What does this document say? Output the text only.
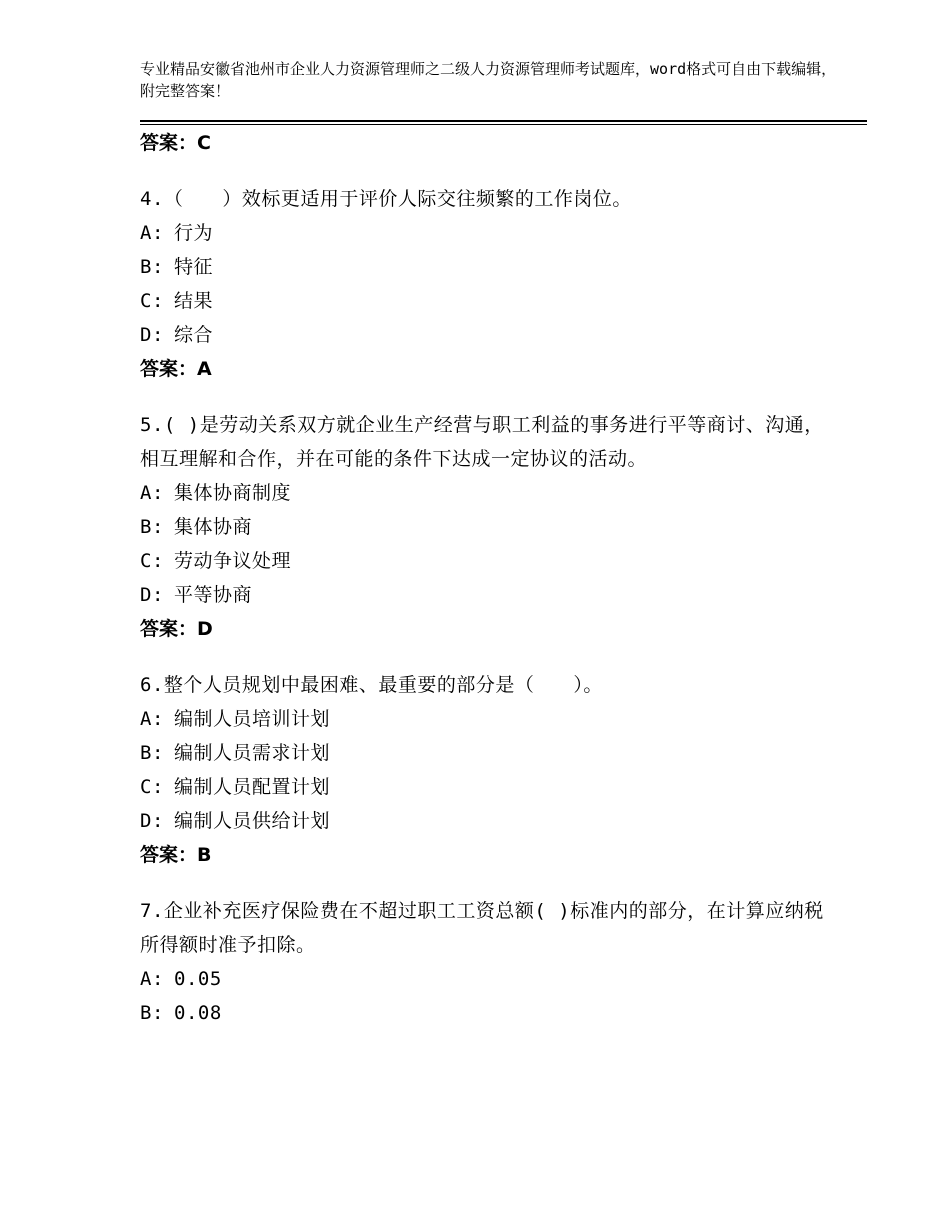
专业精品安徽省池州市企业人力资源管理师之二级人力资源管理师考试题库，word格式可自由下载编辑，附完整答案！
答案：C
4.（　　）效标更适用于评价人际交往频繁的工作岗位。
A: 行为
B: 特征
C: 结果
D: 综合
答案：A
5.( )是劳动关系双方就企业生产经营与职工利益的事务进行平等商讨、沟通，相互理解和合作，并在可能的条件下达成一定协议的活动。
A: 集体协商制度
B: 集体协商
C: 劳动争议处理
D: 平等协商
答案：D
6.整个人员规划中最困难、最重要的部分是（　　）。
A: 编制人员培训计划
B: 编制人员需求计划
C: 编制人员配置计划
D: 编制人员供给计划
答案：B
7.企业补充医疗保险费在不超过职工工资总额( )标准内的部分，在计算应纳税所得额时准予扣除。
A: 0.05
B: 0.08
